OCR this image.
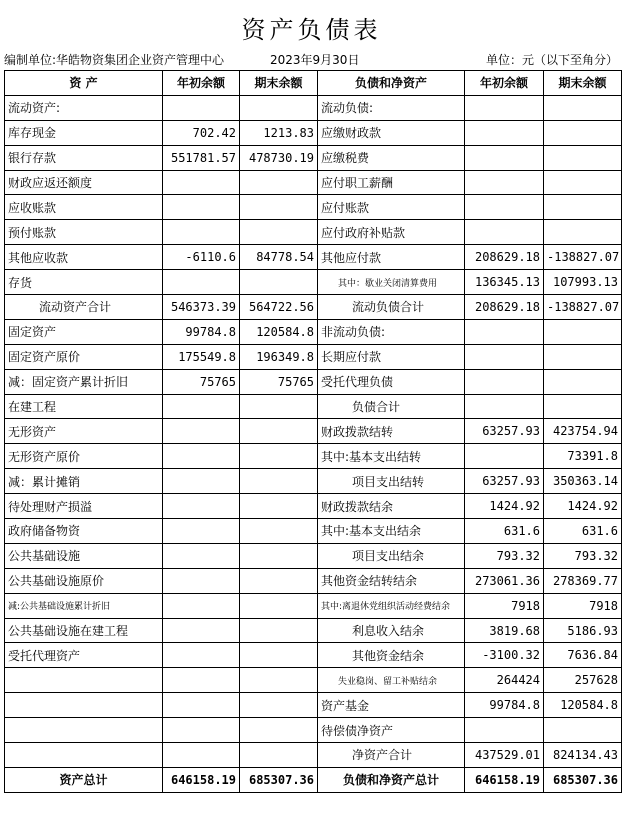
资产负债表
编制单位:华皓物资集团企业资产管理中心	2023年9月30日	单位：元（以下至角分）
资 产	年初余额	期末余额	负债和净资产	年初余额	期末余额
流动资产:			流动负债:		
库存现金	702.42	1213.83	应缴财政款		
银行存款	551781.57	478730.19	应缴税费		
财政应返还额度			应付职工薪酬		
应收账款			应付账款		
预付账款			应付政府补贴款		
其他应收款	-6110.6	84778.54	其他应付款	208629.18	-138827.07
存货			其中：歇业关闭清算费用	136345.13	107993.13
流动资产合计	546373.39	564722.56	流动负债合计	208629.18	-138827.07
固定资产	99784.8	120584.8	非流动负债:		
固定资产原价	175549.8	196349.8	长期应付款		
减：固定资产累计折旧	75765	75765	受托代理负债		
在建工程			负债合计		
无形资产			财政拨款结转	63257.93	423754.94
无形资产原价			其中:基本支出结转		73391.8
减：累计摊销			项目支出结转	63257.93	350363.14
待处理财产损溢			财政拨款结余	1424.92	1424.92
政府储备物资			其中:基本支出结余	631.6	631.6
公共基础设施			项目支出结余	793.32	793.32
公共基础设施原价			其他资金结转结余	273061.36	278369.77
减:公共基础设施累计折旧			其中:离退休党组织活动经费结余	7918	7918
公共基础设施在建工程			利息收入结余	3819.68	5186.93
受托代理资产			其他资金结余	-3100.32	7636.84
			失业稳岗、留工补贴结余	264424	257628
			资产基金	99784.8	120584.8
			待偿债净资产		
			净资产合计	437529.01	824134.43
资产总计	646158.19	685307.36	负债和净资产总计	646158.19	685307.36
